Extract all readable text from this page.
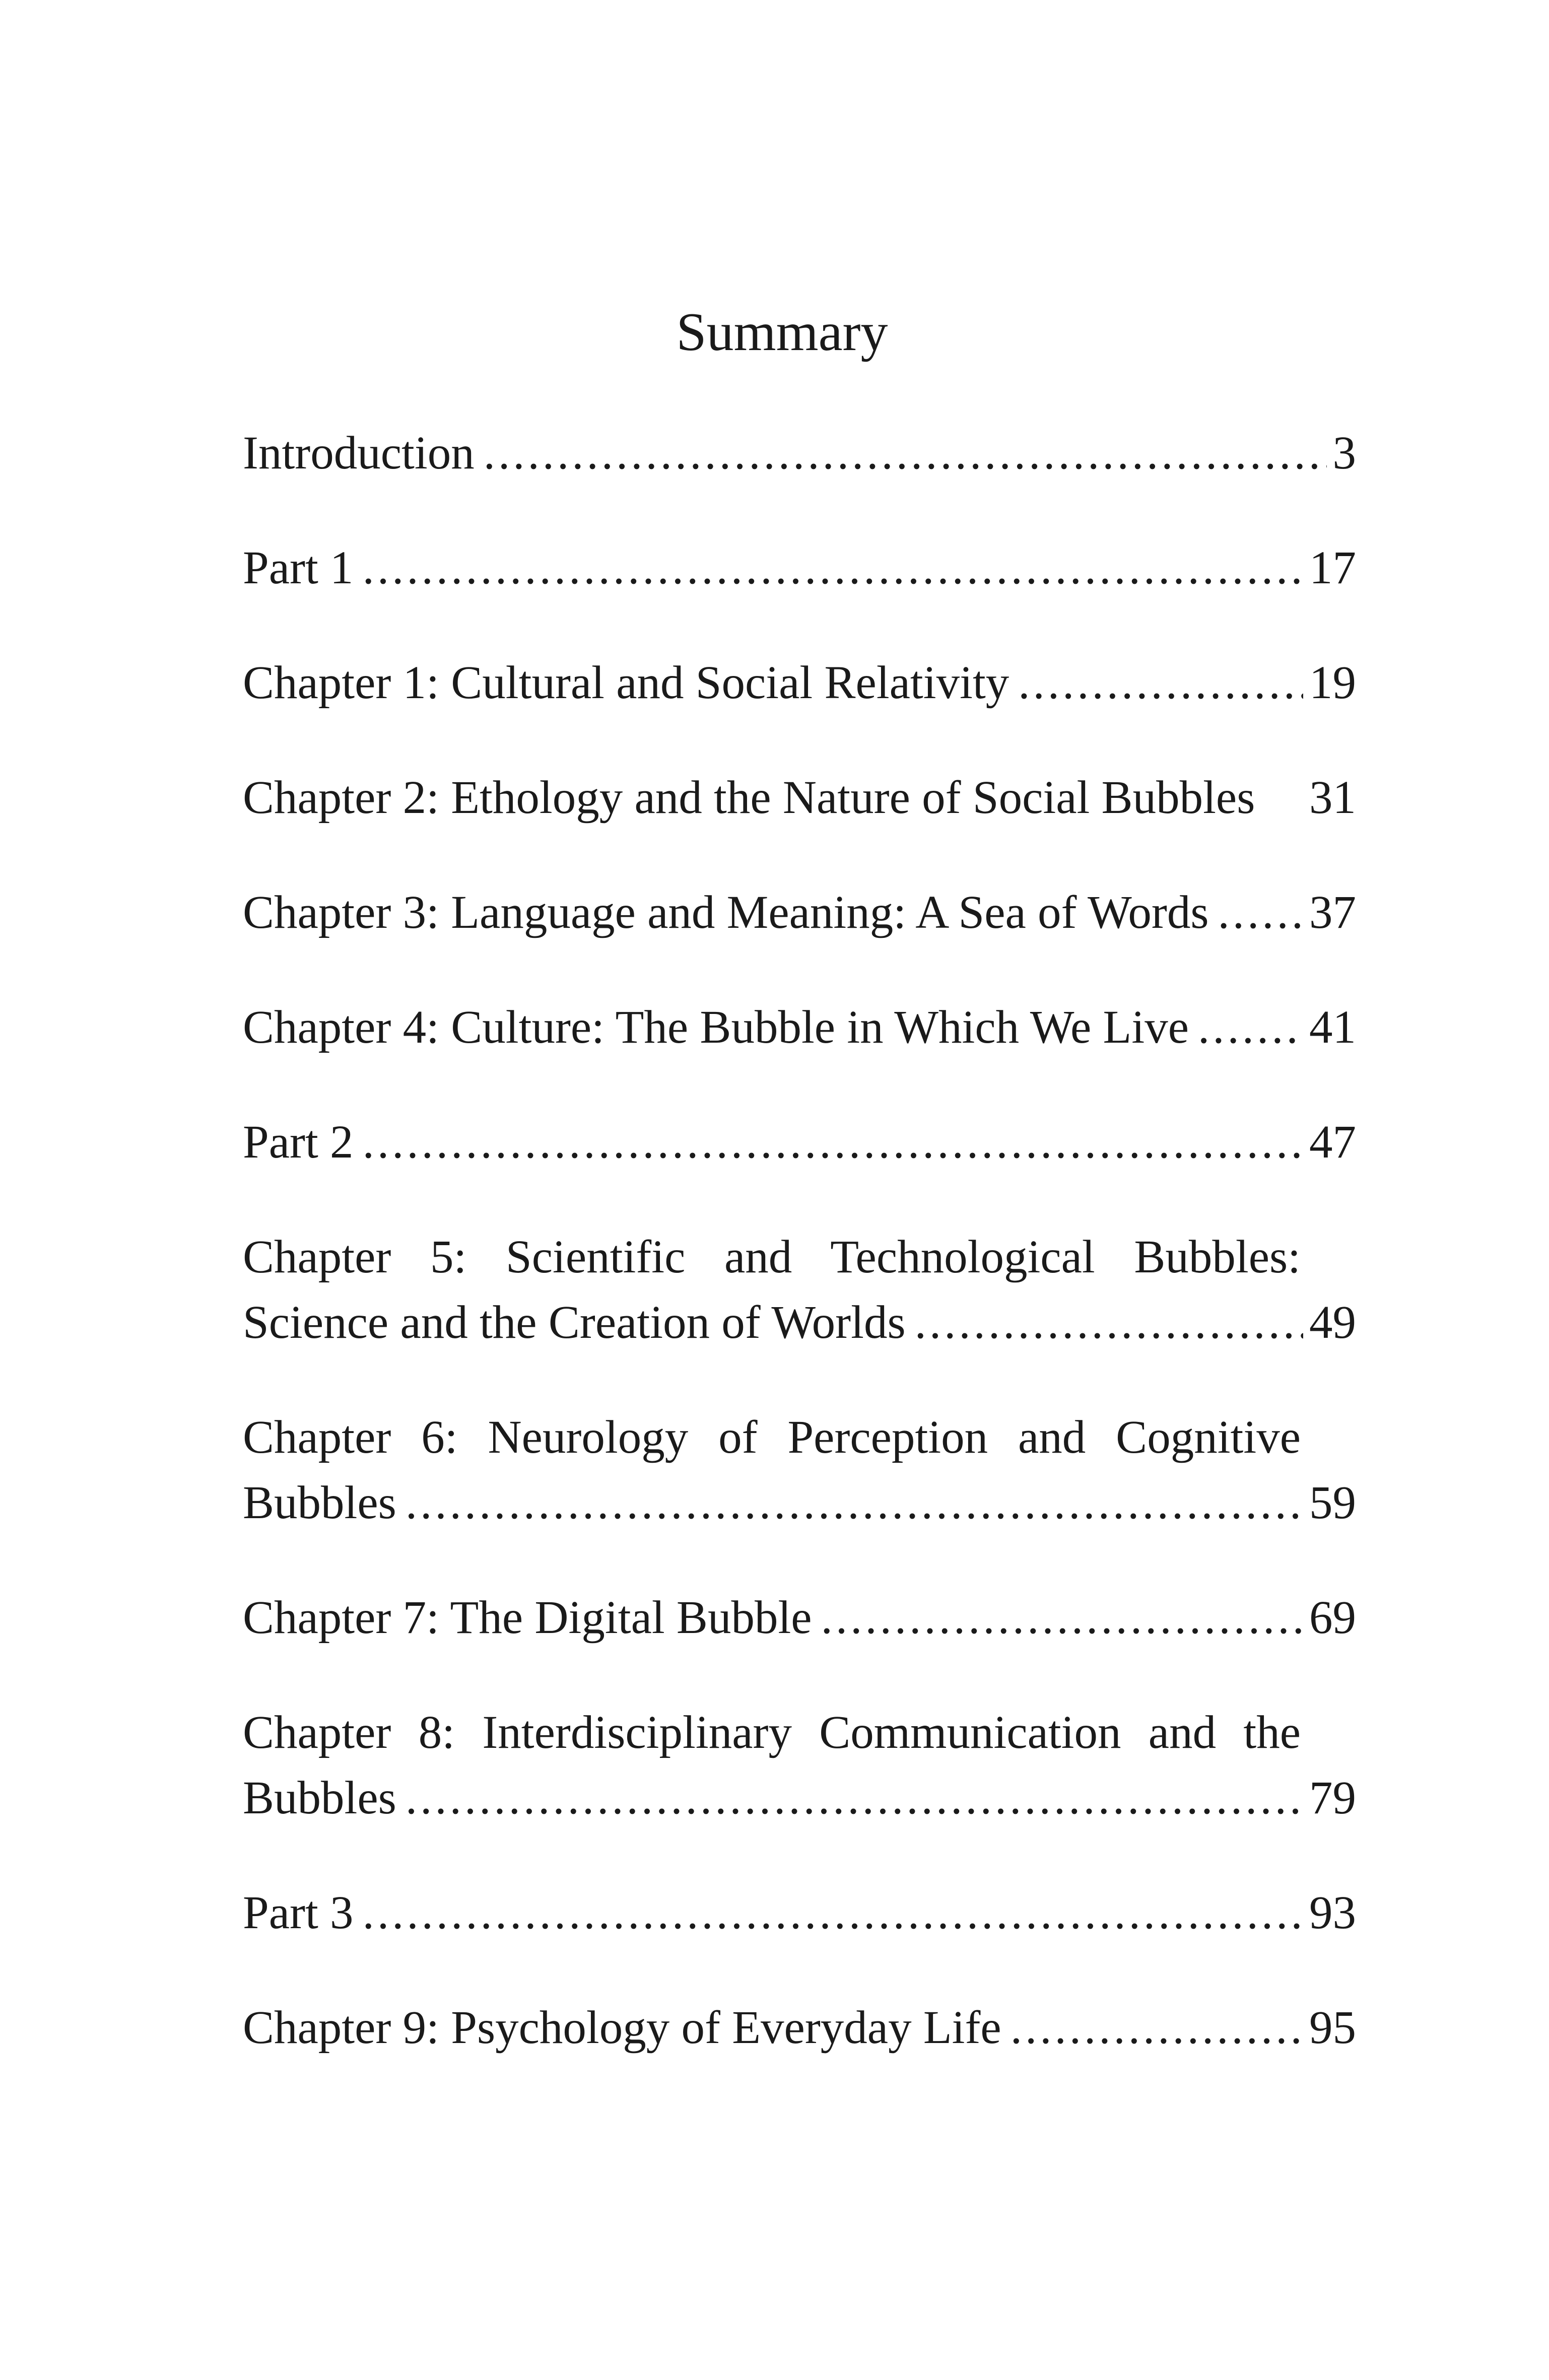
Summary
Introduction .....	3
Part 1 .....	17
Chapter 1: Cultural and Social Relativity .....	19
Chapter 2: Ethology and the Nature of Social Bubbles 31
Chapter 3: Language and Meaning: A Sea of Words ..... 37
Chapter 4: Culture: The Bubble in Which We Live .....	41
Part 2 .....	47
Chapter 5: Scientific and Technological Bubbles:
Science and the Creation of Worlds .....	49
Chapter 6: Neurology of Perception and Cognitive
Bubbles .....	59
Chapter 7: The Digital Bubble .....	69
Chapter 8: Interdisciplinary Communication and the
Bubbles .....	79
Part 3 .....	93
Chapter 9: Psychology of Everyday Life .....	95
